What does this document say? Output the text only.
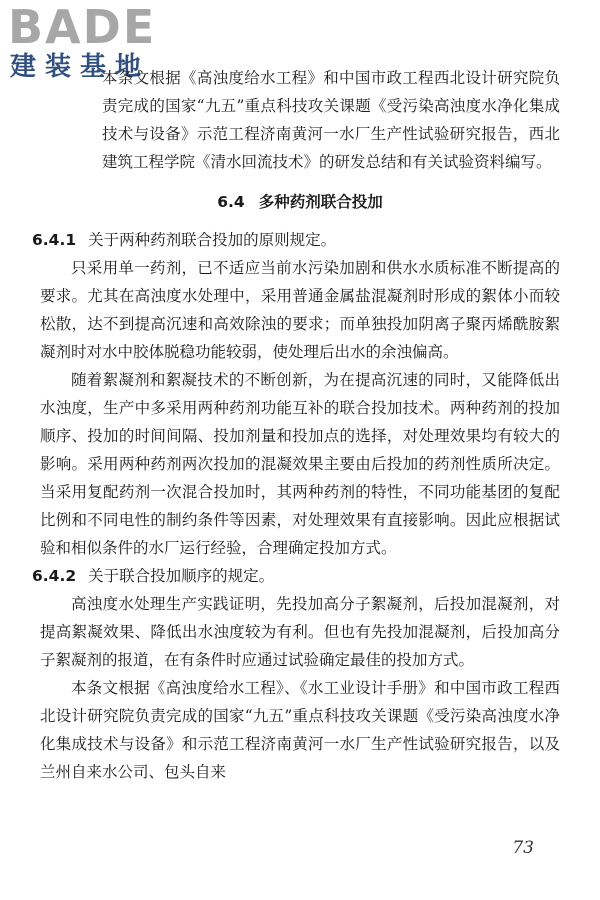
BADE
建装基地

本条文根据《高浊度给水工程》和中国市政工程西北设计研究院负责完成的国家“九五”重点科技攻关课题《受污染高浊度水净化集成技术与设备》示范工程济南黄河一水厂生产性试验研究报告，西北建筑工程学院《清水回流技术》的研发总结和有关试验资料编写。

6.4 多种药剂联合投加

6.4.1 关于两种药剂联合投加的原则规定。

只采用单一药剂，已不适应当前水污染加剧和供水水质标准不断提高的要求。尤其在高浊度水处理中，采用普通金属盐混凝剂时形成的絮体小而较松散，达不到提高沉速和高效除浊的要求；而单独投加阴离子聚丙烯酰胺絮凝剂时对水中胶体脱稳功能较弱，使处理后出水的余浊偏高。

随着絮凝剂和絮凝技术的不断创新，为在提高沉速的同时，又能降低出水浊度，生产中多采用两种药剂功能互补的联合投加技术。两种药剂的投加顺序、投加的时间间隔、投加剂量和投加点的选择，对处理效果均有较大的影响。采用两种药剂两次投加的混凝效果主要由后投加的药剂性质所决定。当采用复配药剂一次混合投加时，其两种药剂的特性，不同功能基团的复配比例和不同电性的制约条件等因素，对处理效果有直接影响。因此应根据试验和相似条件的水厂运行经验，合理确定投加方式。

6.4.2 关于联合投加顺序的规定。

高浊度水处理生产实践证明，先投加高分子絮凝剂，后投加混凝剂，对提高絮凝效果、降低出水浊度较为有利。但也有先投加混凝剂，后投加高分子絮凝剂的报道，在有条件时应通过试验确定最佳的投加方式。

本条文根据《高浊度给水工程》、《水工业设计手册》和中国市政工程西北设计研究院负责完成的国家“九五”重点科技攻关课题《受污染高浊度水净化集成技术与设备》和示范工程济南黄河一水厂生产性试验研究报告，以及兰州自来水公司、包头自来

73
